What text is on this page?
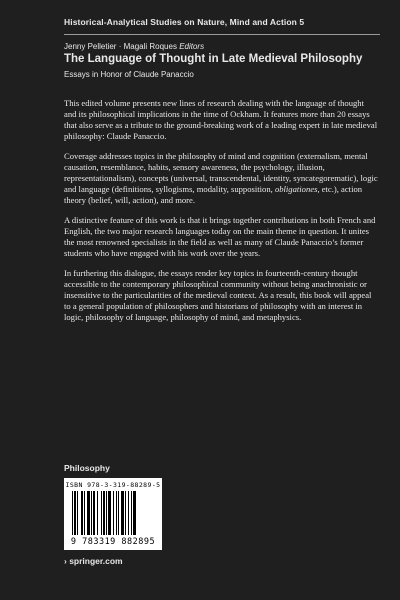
Historical-Analytical Studies on Nature, Mind and Action 5
Jenny Pelletier · Magali Roques Editors
The Language of Thought in Late Medieval Philosophy
Essays in Honor of Claude Panaccio

This edited volume presents new lines of research dealing with the language of thought and its philosophical implications in the time of Ockham. It features more than 20 essays that also serve as a tribute to the ground-breaking work of a leading expert in late medieval philosophy: Claude Panaccio.

Coverage addresses topics in the philosophy of mind and cognition (externalism, mental causation, resemblance, habits, sensory awareness, the psychology, illusion, representationalism), concepts (universal, transcendental, identity, syncategorematic), logic and language (definitions, syllogisms, modality, supposition, obligationes, etc.), action theory (belief, will, action), and more.

A distinctive feature of this work is that it brings together contributions in both French and English, the two major research languages today on the main theme in question. It unites the most renowned specialists in the field as well as many of Claude Panaccio’s former students who have engaged with his work over the years.

In furthering this dialogue, the essays render key topics in fourteenth-century thought accessible to the contemporary philosophical community without being anachronistic or insensitive to the particularities of the medieval context. As a result, this book will appeal to a general population of philosophers and historians of philosophy with an interest in logic, philosophy of language, philosophy of mind, and metaphysics.

Philosophy
ISBN 978-3-319-88289-5
9 783319 882895
› springer.com
